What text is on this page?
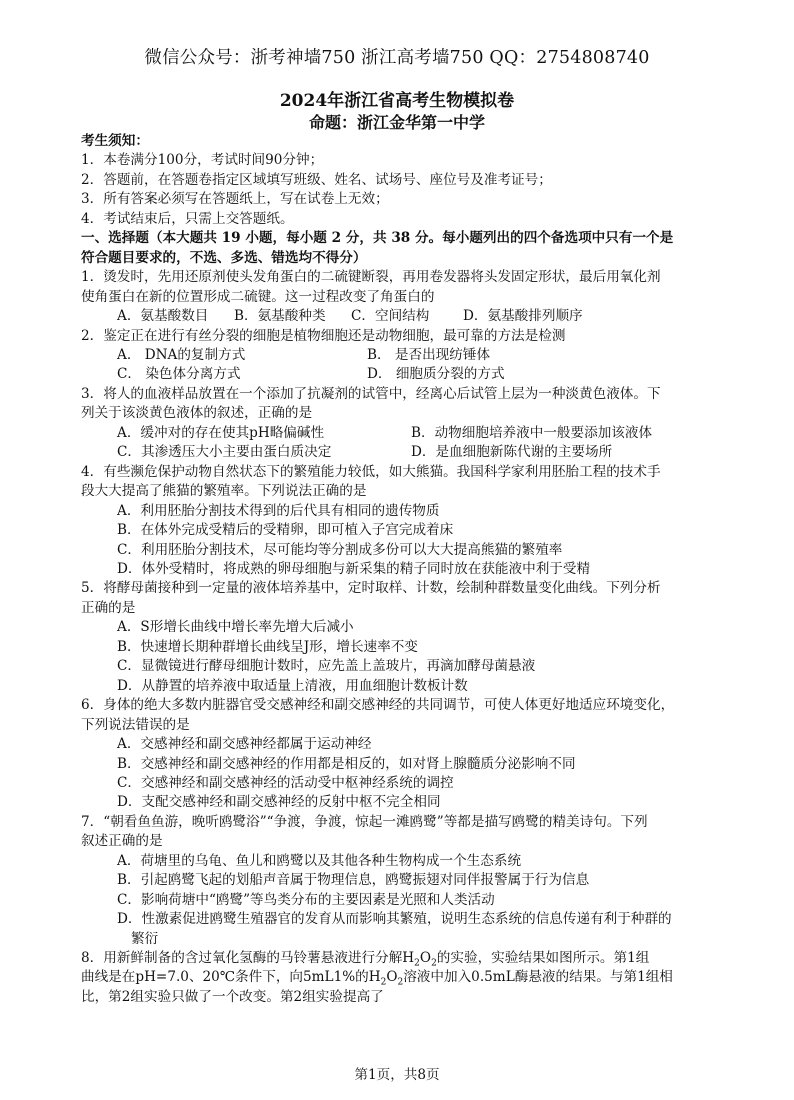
微信公众号：浙考神墙750 浙江高考墙750 QQ：2754808740
2024年浙江省高考生物模拟卷
命题：浙江金华第一中学

考生须知：

1．本卷满分100分，考试时间90分钟；

2．答题前，在答题卷指定区域填写班级、姓名、试场号、座位号及准考证号；

3．所有答案必须写在答题纸上，写在试卷上无效；

4．考试结束后，只需上交答题纸。

一、选择题（本大题共 19 小题，每小题 2 分，共 38 分。每小题列出的四个备选项中只有一个是

符合题目要求的，不选、多选、错选均不得分）

1．烫发时，先用还原剂使头发角蛋白的二硫键断裂，再用卷发器将头发固定形状，最后用氧化剂

使角蛋白在新的位置形成二硫键。这一过程改变了角蛋白的

A．氨基酸数目	B．氨基酸种类	C．空间结构	D．氨基酸排列顺序

2．鉴定正在进行有丝分裂的细胞是植物细胞还是动物细胞，最可靠的方法是检测

A． DNA的复制方式	B． 是否出现纺锤体

C． 染色体分离方式	D． 细胞质分裂的方式

3．将人的血液样品放置在一个添加了抗凝剂的试管中，经离心后试管上层为一种淡黄色液体。下

列关于该淡黄色液体的叙述，正确的是

A．缓冲对的存在使其pH略偏碱性	B．动物细胞培养液中一般要添加该液体

C．其渗透压大小主要由蛋白质决定	D．是血细胞新陈代谢的主要场所

4．有些濒危保护动物自然状态下的繁殖能力较低，如大熊猫。我国科学家利用胚胎工程的技术手

段大大提高了熊猫的繁殖率。下列说法正确的是

A．利用胚胎分割技术得到的后代具有相同的遗传物质

B．在体外完成受精后的受精卵，即可植入子宫完成着床

C．利用胚胎分割技术，尽可能均等分割成多份可以大大提高熊猫的繁殖率

D．体外受精时，将成熟的卵母细胞与新采集的精子同时放在获能液中利于受精

5．将酵母菌接种到一定量的液体培养基中，定时取样、计数，绘制种群数量变化曲线。下列分析

正确的是

A．S形增长曲线中增长率先增大后减小

B．快速增长期种群增长曲线呈J形，增长速率不变

C．显微镜进行酵母细胞计数时，应先盖上盖玻片，再滴加酵母菌悬液

D．从静置的培养液中取适量上清液，用血细胞计数板计数

6．身体的绝大多数内脏器官受交感神经和副交感神经的共同调节，可使人体更好地适应环境变化，

下列说法错误的是

A．交感神经和副交感神经都属于运动神经

B．交感神经和副交感神经的作用都是相反的，如对肾上腺髓质分泌影响不同

C．交感神经和副交感神经的活动受中枢神经系统的调控

D．支配交感神经和副交感神经的反射中枢不完全相同

7．“朝看鱼鱼游，晚听鸥鹭浴”“争渡，争渡，惊起一滩鸥鹭”等都是描写鸥鹭的精美诗句。下列

叙述正确的是

A．荷塘里的乌龟、鱼儿和鸥鹭以及其他各种生物构成一个生态系统

B．引起鸥鹭飞起的划船声音属于物理信息，鸥鹭振翅对同伴报警属于行为信息

C．影响荷塘中“鸥鹭”等鸟类分布的主要因素是光照和人类活动

D．性激素促进鸥鹭生殖器官的发育从而影响其繁殖，说明生态系统的信息传递有利于种群的

繁衍

8．用新鲜制备的含过氧化氢酶的马铃薯悬液进行分解$H_2O_2$的实验，实验结果如图所示。第1组

曲线是在pH=7.0、20℃条件下，向5mL1%的$H_2O_2$溶液中加入0.5mL酶悬液的结果。与第1组相

比，第2组实验只做了一个改变。第2组实验提高了

第1页，共8页
